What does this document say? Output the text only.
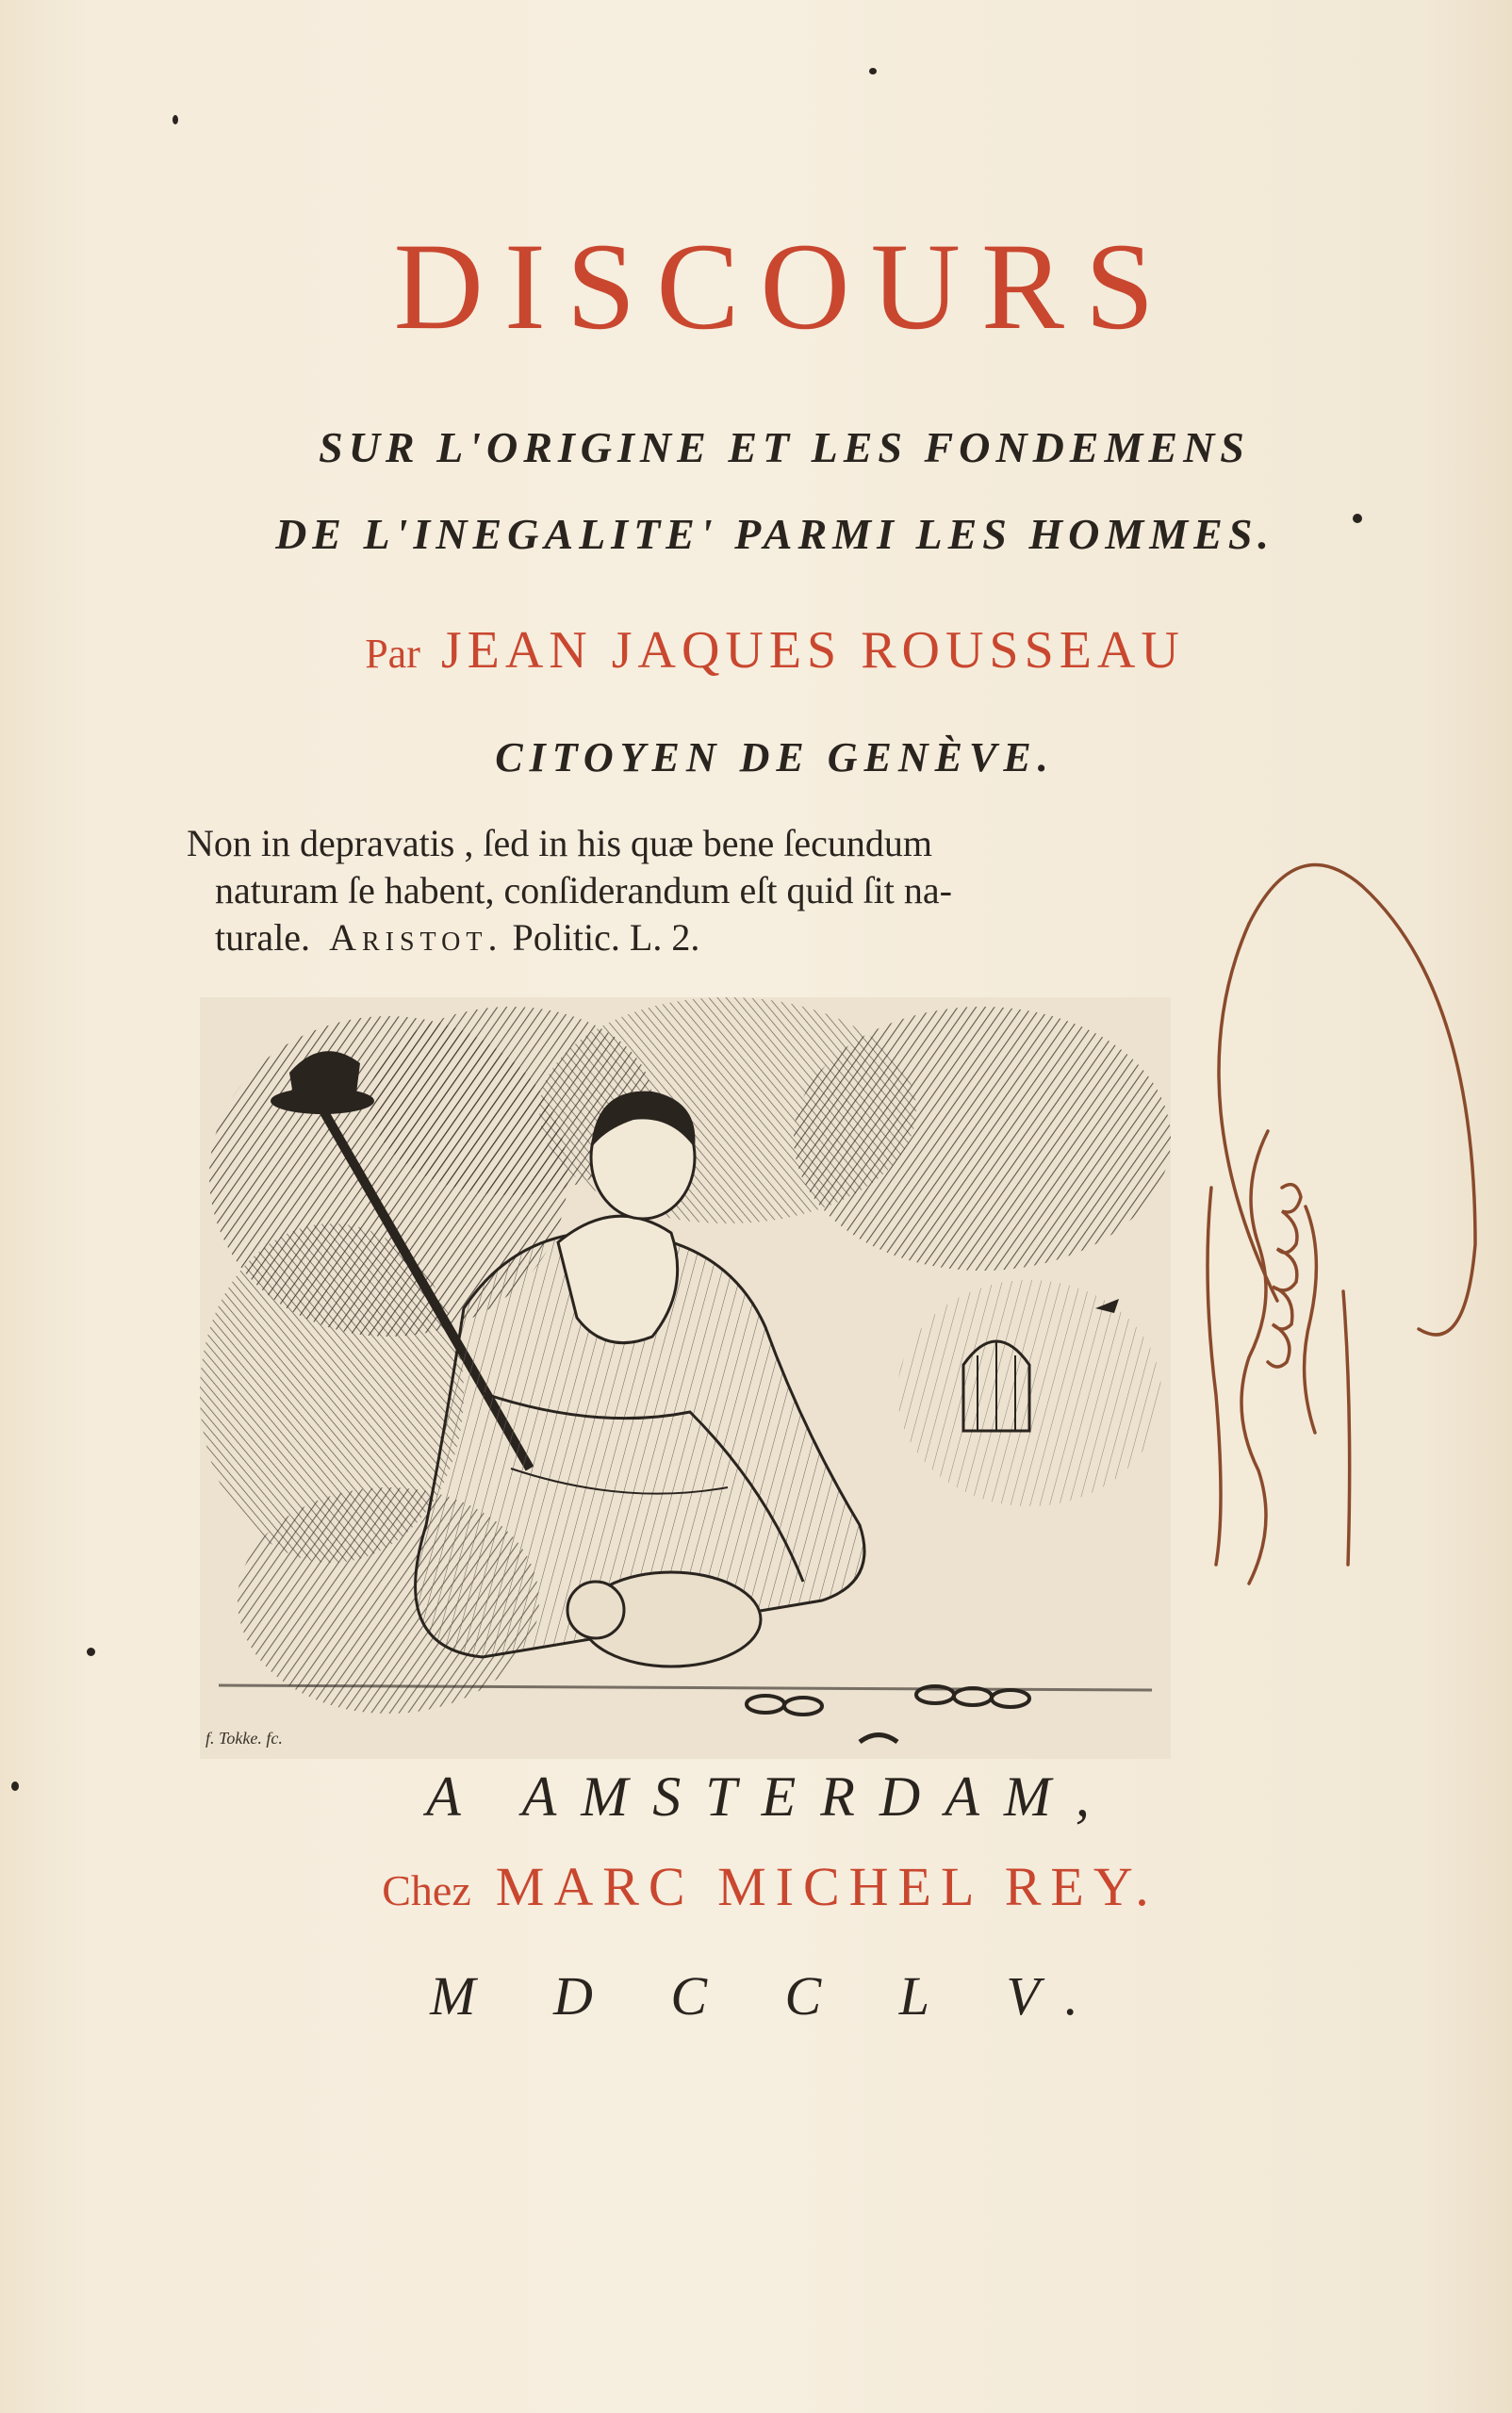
DISCOURS
SUR L'ORIGINE ET LES FONDEMENS
DE L'INEGALITE' PARMI LES HOMMES.
Par JEAN JAQUES ROUSSEAU
CITOYEN DE GENÈVE.
Non in depravatis , ſed in his quæ bene ſecundum
naturam ſe habent, conſiderandum eſt quid ſit na-
turale. Aristot. Politic. L. 2.
f. Tokke. fc.
A AMSTERDAM,
Chez MARC MICHEL REY.
M D C C L V.
